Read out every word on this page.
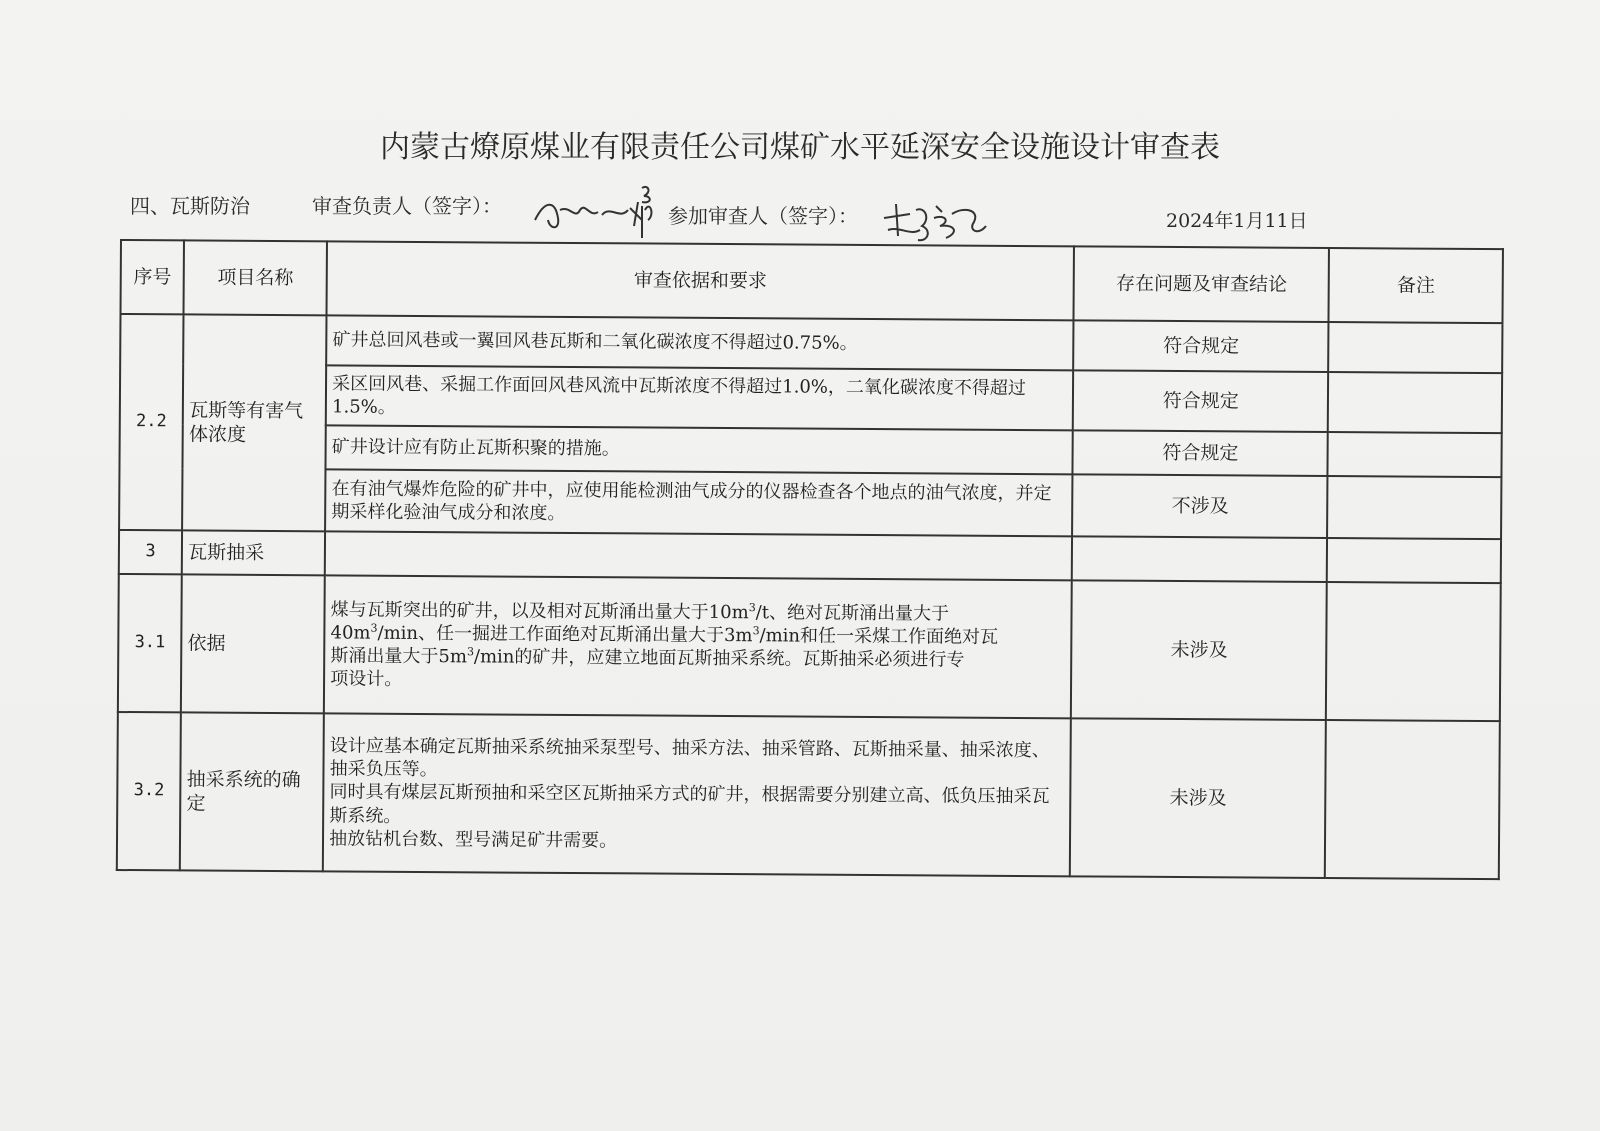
内蒙古燎原煤业有限责任公司煤矿水平延深安全设施设计审查表
四、瓦斯防治	审查负责人（签字）：	参加审查人（签字）：	2024年1月11日
序号	项目名称	审查依据和要求	存在问题及审查结论	备注
2.2	瓦斯等有害气体浓度	矿井总回风巷或一翼回风巷瓦斯和二氧化碳浓度不得超过0.75%。	符合规定	
		采区回风巷、采掘工作面回风巷风流中瓦斯浓度不得超过1.0%，二氧化碳浓度不得超过1.5%。	符合规定	
		矿井设计应有防止瓦斯积聚的措施。	符合规定	
		在有油气爆炸危险的矿井中，应使用能检测油气成分的仪器检查各个地点的油气浓度，并定期采样化验油气成分和浓度。	不涉及	
3	瓦斯抽采			
3.1	依据	煤与瓦斯突出的矿井，以及相对瓦斯涌出量大于$10m^3/t$、绝对瓦斯涌出量大于
$40m^3/\min$、任一掘进工作面绝对瓦斯涌出量大于$3m^3/\min$和任一采煤工作面绝对瓦
斯涌出量大于$5m^3/\min$的矿井，应建立地面瓦斯抽采系统。瓦斯抽采必须进行专
项设计。	未涉及	
3.2	抽采系统的确定	设计应基本确定瓦斯抽采系统抽采泵型号、抽采方法、抽采管路、瓦斯抽采量、抽采浓度、抽采负压等。
同时具有煤层瓦斯预抽和采空区瓦斯抽采方式的矿井，根据需要分别建立高、低负压抽采瓦斯系统。
抽放钻机台数、型号满足矿井需要。	未涉及	
